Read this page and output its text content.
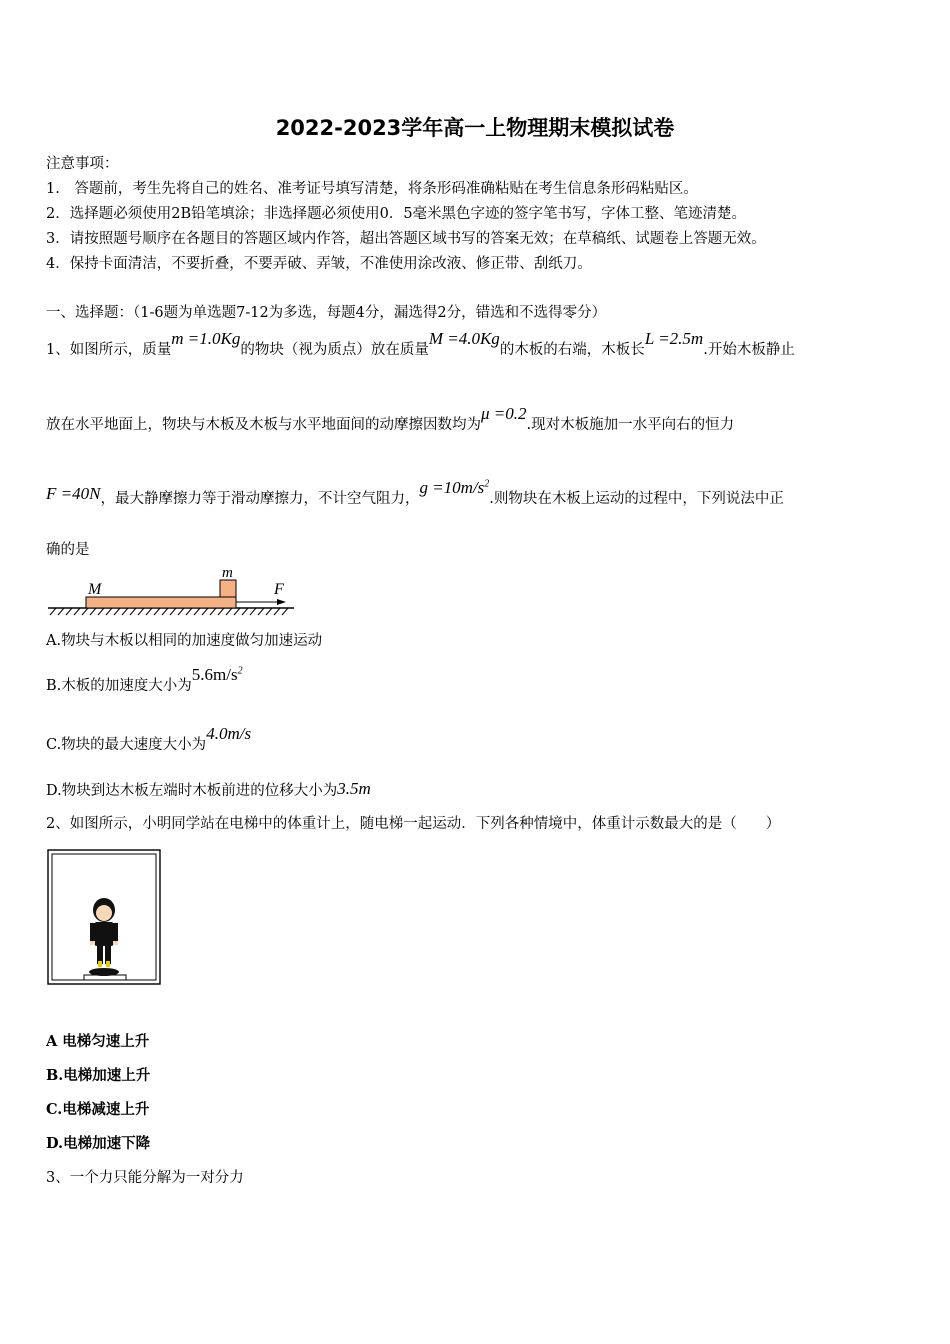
2022-2023学年高一上物理期末模拟试卷
注意事项：
1.　答题前，考生先将自己的姓名、准考证号填写清楚，将条形码准确粘贴在考生信息条形码粘贴区。
2．选择题必须使用2B铅笔填涂；非选择题必须使用0．5毫米黑色字迹的签字笔书写，字体工整、笔迹清楚。
3．请按照题号顺序在各题目的答题区域内作答，超出答题区域书写的答案无效；在草稿纸、试题卷上答题无效。
4．保持卡面清洁，不要折叠，不要弄破、弄皱，不准使用涂改液、修正带、刮纸刀。
一、选择题：（1-6题为单选题7-12为多选，每题4分，漏选得2分，错选和不选得零分）
1、如图所示，质量m =1.0Kg的物块（视为质点）放在质量M =4.0Kg的木板的右端，木板长L =2.5m.开始木板静止
放在水平地面上，物块与木板及木板与水平地面间的动摩擦因数均为μ =0.2.现对木板施加一水平向右的恒力
F =40N，最大静摩擦力等于滑动摩擦力，不计空气阻力，$g =10m/s^2$.则物块在木板上运动的过程中，下列说法中正
确的是
M
m
F
A.物块与木板以相同的加速度做匀加速运动
B.木板的加速度大小为$5.6m/s^2$
C.物块的最大速度大小为4.0m/s
D.物块到达木板左端时木板前进的位移大小为3.5m
2、如图所示，小明同学站在电梯中的体重计上，随电梯一起运动．下列各种情境中，体重计示数最大的是（　　）
A 电梯匀速上升
B.电梯加速上升
C.电梯减速上升
D.电梯加速下降
3、一个力只能分解为一对分力
